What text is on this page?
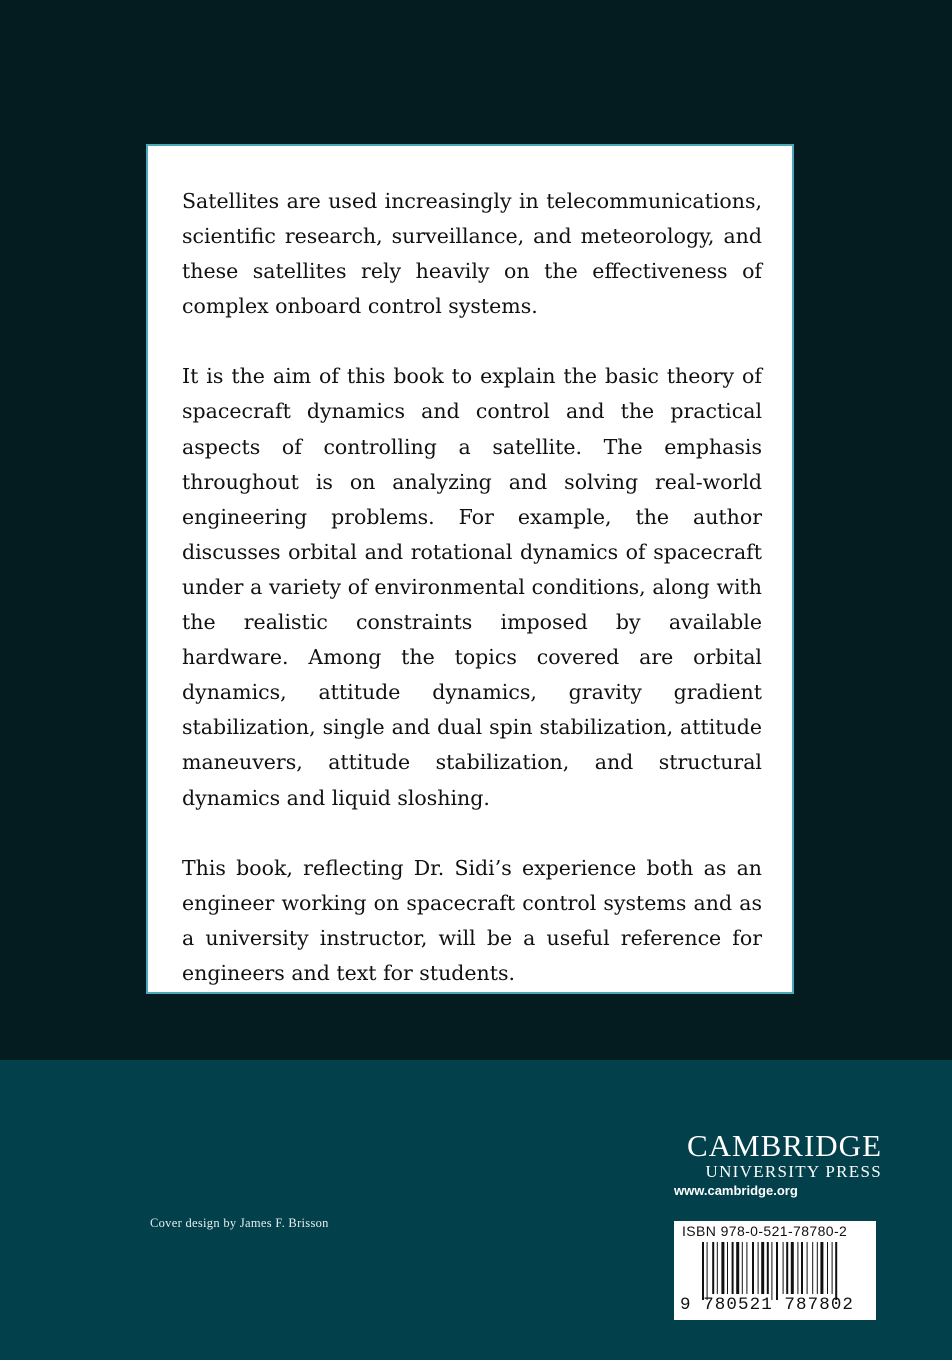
Satellites are used increasingly in telecommunications, scientific research, surveillance, and meteorology, and these satellites rely heavily on the effectiveness of complex onboard control systems.

It is the aim of this book to explain the basic theory of spacecraft dynamics and control and the practical aspects of controlling a satellite. The emphasis throughout is on analyzing and solving real-world engineering problems. For example, the author discusses orbital and rotational dynamics of spacecraft under a variety of environmental conditions, along with the realistic constraints imposed by available hardware. Among the topics covered are orbital dynamics, attitude dynamics, gravity gradient stabilization, single and dual spin stabilization, attitude maneuvers, attitude stabilization, and structural dynamics and liquid sloshing.

This book, reflecting Dr. Sidi’s experience both as an engineer working on spacecraft control systems and as a university instructor, will be a useful reference for engineers and text for students.

Cover design by James F. Brisson
CAMBRIDGE
UNIVERSITY PRESS
www.cambridge.org
ISBN 978-0-521-78780-2
9 780521 787802
